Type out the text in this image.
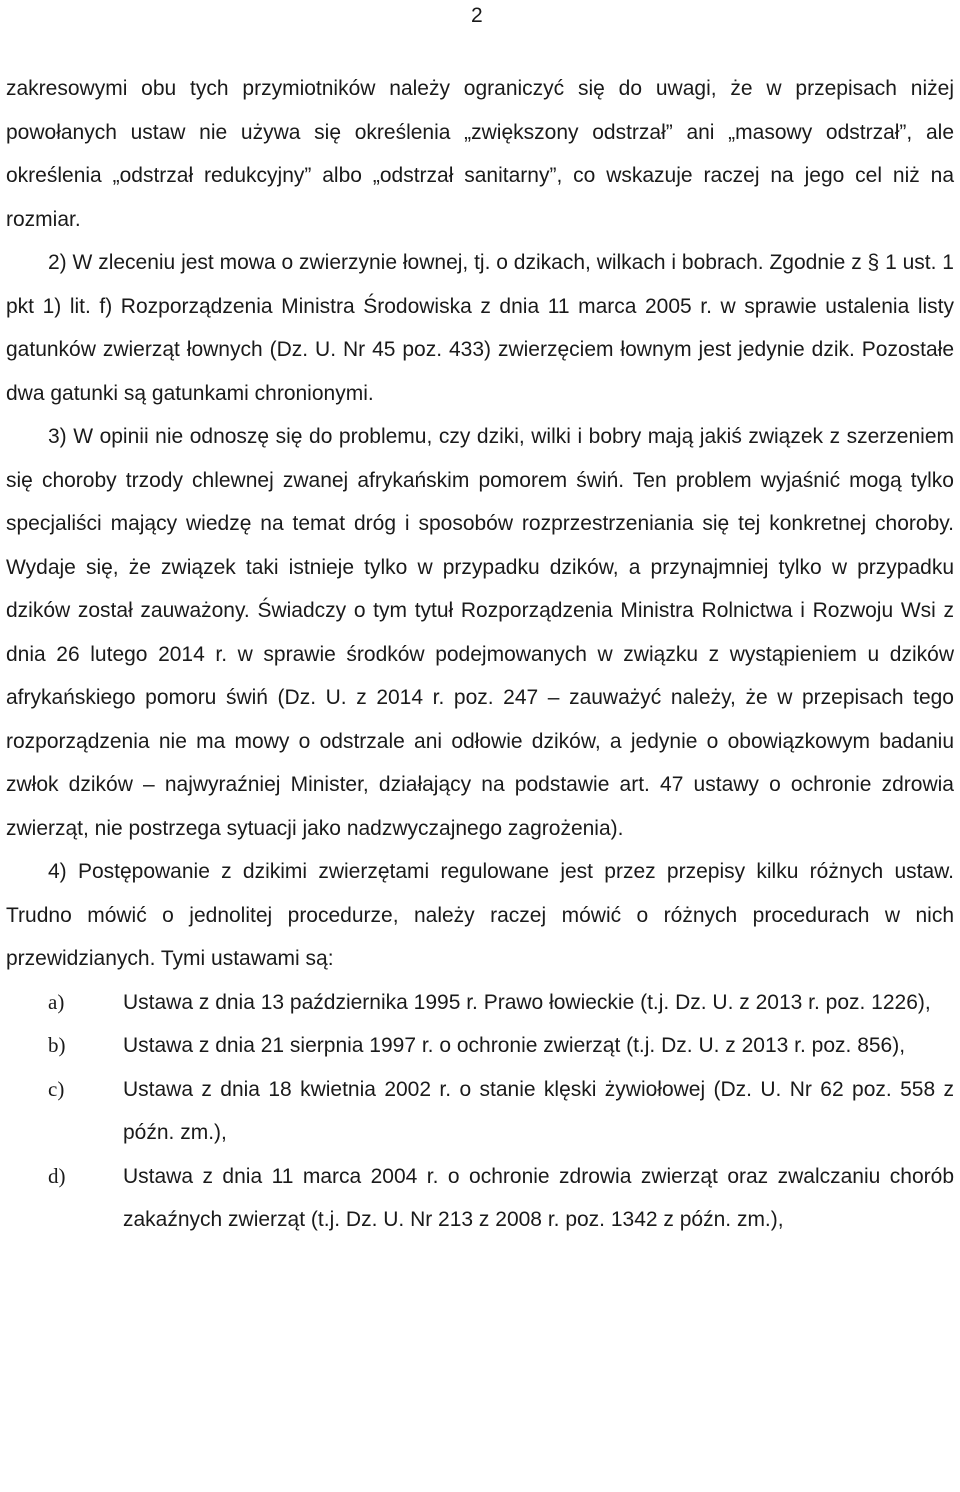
2

zakresowymi obu tych przymiotników należy ograniczyć się do uwagi, że w przepisach niżej powołanych ustaw nie używa się określenia „zwiększony odstrzał” ani „masowy odstrzał”, ale określenia „odstrzał redukcyjny” albo „odstrzał sanitarny”, co wskazuje raczej na jego cel niż na rozmiar.

2) W zleceniu jest mowa o zwierzynie łownej, tj. o dzikach, wilkach i bobrach. Zgodnie z § 1 ust. 1 pkt 1) lit. f) Rozporządzenia Ministra Środowiska z dnia 11 marca 2005 r. w sprawie ustalenia listy gatunków zwierząt łownych (Dz. U. Nr 45 poz. 433) zwierzęciem łownym jest jedynie dzik. Pozostałe dwa gatunki są gatunkami chronionymi.

3) W opinii nie odnoszę się do problemu, czy dziki, wilki i bobry mają jakiś związek z szerzeniem się choroby trzody chlewnej zwanej afrykańskim pomorem świń. Ten problem wyjaśnić mogą tylko specjaliści mający wiedzę na temat dróg i sposobów rozprzestrzeniania się tej konkretnej choroby. Wydaje się, że związek taki istnieje tylko w przypadku dzików, a przynajmniej tylko w przypadku dzików został zauważony. Świadczy o tym tytuł Rozporządzenia Ministra Rolnictwa i Rozwoju Wsi z dnia 26 lutego 2014 r. w sprawie środków podejmowanych w związku z wystąpieniem u dzików afrykańskiego pomoru świń (Dz. U. z 2014 r. poz. 247 – zauważyć należy, że w przepisach tego rozporządzenia nie ma mowy o odstrzale ani odłowie dzików, a jedynie o obowiązkowym badaniu zwłok dzików – najwyraźniej Minister, działający na podstawie art. 47 ustawy o ochronie zdrowia zwierząt, nie postrzega sytuacji jako nadzwyczajnego zagrożenia).

4) Postępowanie z dzikimi zwierzętami regulowane jest przez przepisy kilku różnych ustaw. Trudno mówić o jednolitej procedurze, należy raczej mówić o różnych procedurach w nich przewidzianych. Tymi ustawami są:

a)	Ustawa z dnia 13 października 1995 r. Prawo łowieckie (t.j. Dz. U. z 2013 r. poz. 1226),
b)	Ustawa z dnia 21 sierpnia 1997 r. o ochronie zwierząt (t.j. Dz. U. z 2013 r. poz. 856),
c)	Ustawa z dnia 18 kwietnia 2002 r. o stanie klęski żywiołowej (Dz. U. Nr 62 poz. 558 z późn. zm.),
d)	Ustawa z dnia 11 marca 2004 r. o ochronie zdrowia zwierząt oraz zwalczaniu chorób zakaźnych zwierząt (t.j. Dz. U. Nr 213 z 2008 r. poz. 1342 z późn. zm.),
